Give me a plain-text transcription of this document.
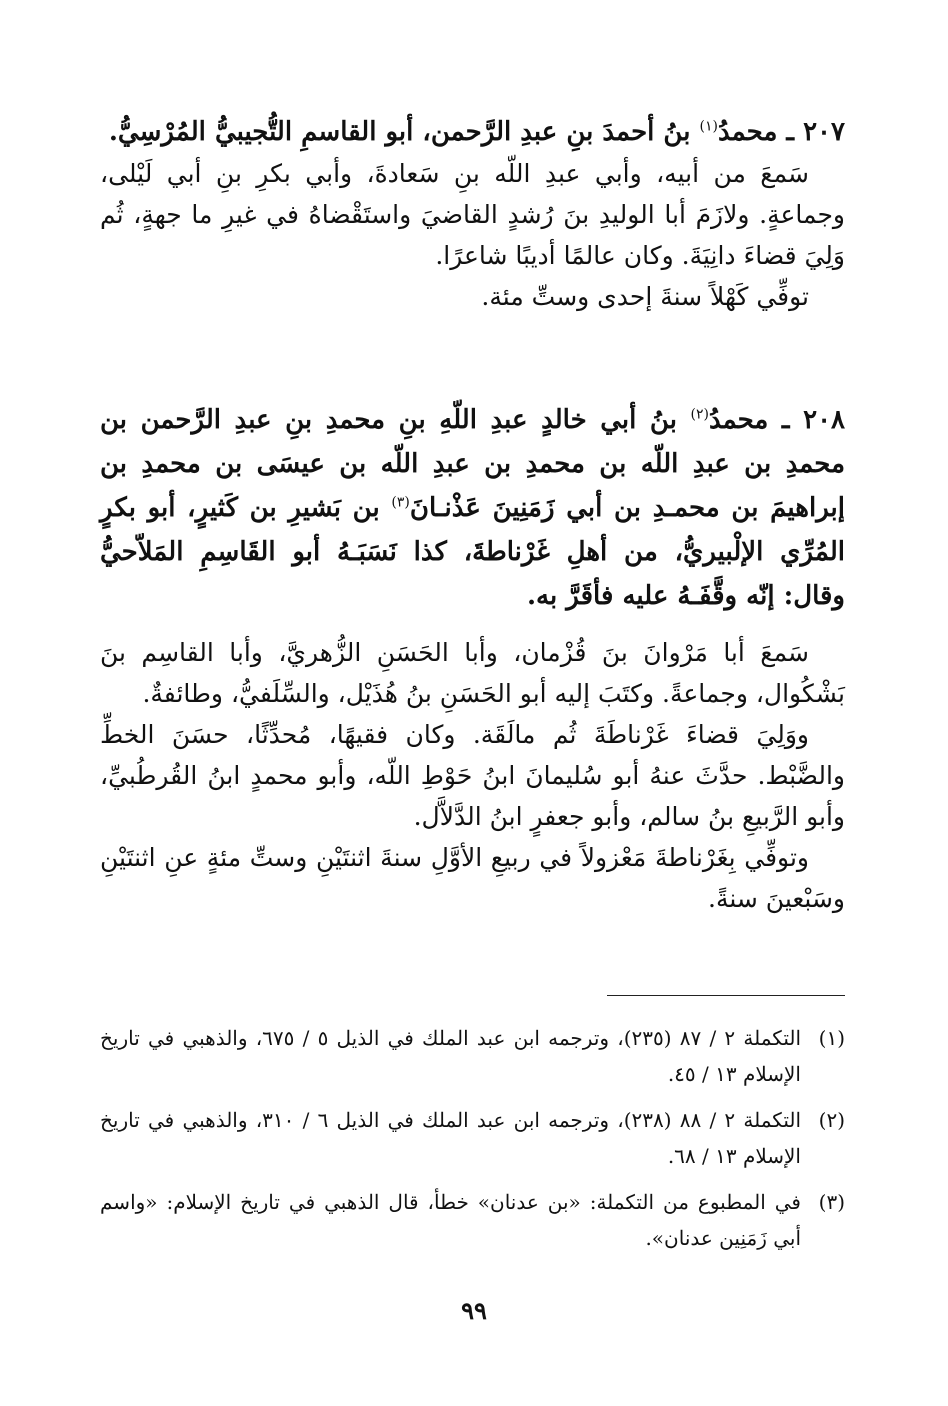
٢٠٧ ـ محمدُ$^{(١)}$ بنُ أحمدَ بنِ عبدِ الرَّحمن، أبو القاسمِ التُّجيبيُّ المُرْسِيُّ.

سَمعَ من أبيه، وأبي عبدِ اللّه بنِ سَعادةَ، وأبي بكرِ بنِ أبي لَيْلى، وجماعةٍ. ولازَمَ أبا الوليدِ بنَ رُشدٍ القاضيَ واستَقْضاهُ في غيرِ ما جهةٍ، ثُم وَلِيَ قضاءَ دانِيَةَ. وكان عالمًا أديبًا شاعرًا.

توفِّي كَهْلاً سنةَ إحدى وستِّ مئة.

٢٠٨ ـ محمدُ$^{(٢)}$ بنُ أبي خالدٍ عبدِ اللّهِ بنِ محمدِ بنِ عبدِ الرَّحمن بن محمدِ بن عبدِ اللّه بن محمدِ بن عبدِ اللّه بن عيسَى بن محمدِ بن إبراهيمَ بن محمـدِ بن أبي زَمَنِينَ عَذْنـانَ$^{(٣)}$ بن بَشيرِ بن كَثيرٍ، أبو بكرٍ المُرِّي الإلْبيريُّ، من أهلِ غَرْناطةَ، كذا نَسَبَـهُ أبو القَاسِمِ المَلاّحيُّ وقال: إنّه وقَّفَـهُ عليه فأقَرَّ به.

سَمعَ أبا مَرْوانَ بنَ قُزْمان، وأبا الحَسَنِ الزُّهريَّ، وأبا القاسِم بنَ بَشْكُوال، وجماعةً. وكتَبَ إليه أبو الحَسَنِ بنُ هُذَيْل، والسِّلَفيُّ، وطائفةٌ.

ووَلِيَ قضاءَ غَرْناطَةَ ثُم مالَقَة. وكان فقيهًا، مُحدِّثًا، حسَنَ الخطِّ والضَّبْط. حدَّثَ عنهُ أبو سُليمانَ ابنُ حَوْطِ اللّه، وأبو محمدٍ ابنُ القُرطُبيِّ، وأبو الرَّبيعِ بنُ سالم، وأبو جعفرٍ ابنُ الدَّلاَّل.

وتوفِّي بِغَرْناطةَ مَعْزولاً في ربيعِ الأوَّلِ سنةَ اثنتَيْنِ وستِّ مئةٍ عنِ اثنتَيْنِ وسَبْعينَ سنةً.

(١)
التكملة ٢ / ٨٧ (٢٣٥)، وترجمه ابن عبد الملك في الذيل ٥ / ٦٧٥، والذهبي في تاريخ الإسلام ١٣ / ٤٥.
(٢)
التكملة ٢ / ٨٨ (٢٣٨)، وترجمه ابن عبد الملك في الذيل ٦ / ٣١٠، والذهبي في تاريخ الإسلام ١٣ / ٦٨.
(٣)
في المطبوع من التكملة: «بن عدنان» خطأ، قال الذهبي في تاريخ الإسلام: «واسم أبي زَمَنِين عدنان».
٩٩
